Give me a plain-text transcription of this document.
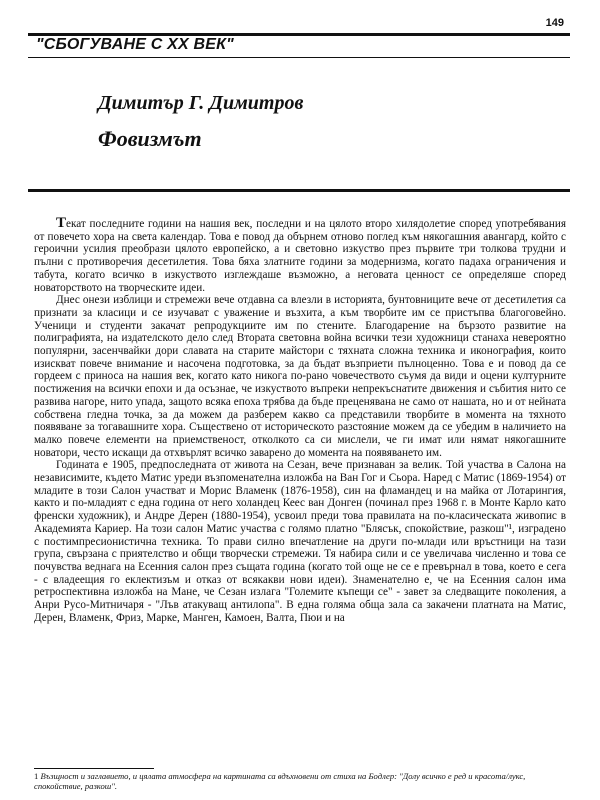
149
"СБОГУВАНЕ С XX ВЕК"
Димитър Г. Димитров
Фовизмът

Текат последните години на нашия век, последни и на цялото второ хилядолетие според употребявания от повечето хора на света календар. Това е повод да обърнем отново поглед към някогашния авангард, който с героични усилия преобрази цялото европейско, а и световно изкуство през първите три толкова трудни и пълни с противоречия десетилетия. Това бяха златните години за модернизма, когато падаха ограничения и табута, когато всичко в изкуството изглеждаше възможно, а неговата ценност се определяше според новаторството на творческите идеи.

Днес онези изблици и стремежи вече отдавна са влезли в историята, бунтовниците вече от десетилетия са признати за класици и се изучават с уважение и възхита, а към творбите им се пристъпва благоговейно. Ученици и студенти закачат репродукциите им по стените. Благодарение на бързото развитие на полиграфията, на издателското дело след Втората световна война всички тези художници станаха невероятно популярни, засенчвайки дори славата на старите майстори с тяхната сложна техника и иконография, които изискват повече внимание и насочена подготовка, за да бъдат възприети пълноценно. Това е и повод да се гордеем с приноса на нашия век, когато като никога по-рано човечеството съумя да види и оцени културните постижения на всички епохи и да осъзнае, че изкуството въпреки непрекъснатите движения и събития нито се развива нагоре, нито упада, защото всяка епоха трябва да бъде преценявана не само от нашата, но и от нейната собствена гледна точка, за да можем да разберем какво са представили творбите в момента на тяхното появяване за тогавашните хора. Съществено от историческото разстояние можем да се убедим в наличието на малко повече елементи на приемственост, отколкото са си мислели, че ги имат или нямат някогашните новатори, често искащи да отхвърлят всичко заварено до момента на появяването им.

Годината е 1905, предпоследната от живота на Сезан, вече признаван за велик. Той участва в Салона на независимите, където Матис уреди възпоменателна изложба на Ван Гог и Сьора. Наред с Матис (1869-1954) от младите в този Салон участват и Морис Вламенк (1876-1958), син на фламандец и на майка от Лотарингия, както и по-младият с една година от него холандец Кеес ван Донген (починал през 1968 г. в Монте Карло като френски художник), и Андре Дерен (1880-1954), усвоил преди това правилата на по-класическата живопис в Академията Кариер. На този салон Матис участва с голямо платно "Блясък, спокойствие, разкош"¹, изградено с постимпресионистична техника. То прави силно впечатление на други по-млади или връстници на тази група, свързана с приятелство и общи творчески стремежи. Тя набира сили и се увеличава численно и това се почувства веднага на Есенния салон през същата година (когато той още не се е превърнал в това, което е сега - с владеещия го еклектизъм и отказ от всякакви нови идеи). Знаменателно е, че на Есенния салон има ретроспективна изложба на Мане, че Сезан излага "Големите къпещи се" - завет за следващите поколения, а Анри Русо-Митничаря - "Лъв атакуващ антилопа". В една голяма обща зала са закачени платната на Матис, Дерен, Вламенк, Фриз, Марке, Манген, Камоен, Валта, Пюи и на

1 Възщност и заглавието, и цялата атмосфера на картината са вдъхновени от стиха на Бодлер: "Долу всичко е ред и красота/лукс, спокойствие, разкош".
